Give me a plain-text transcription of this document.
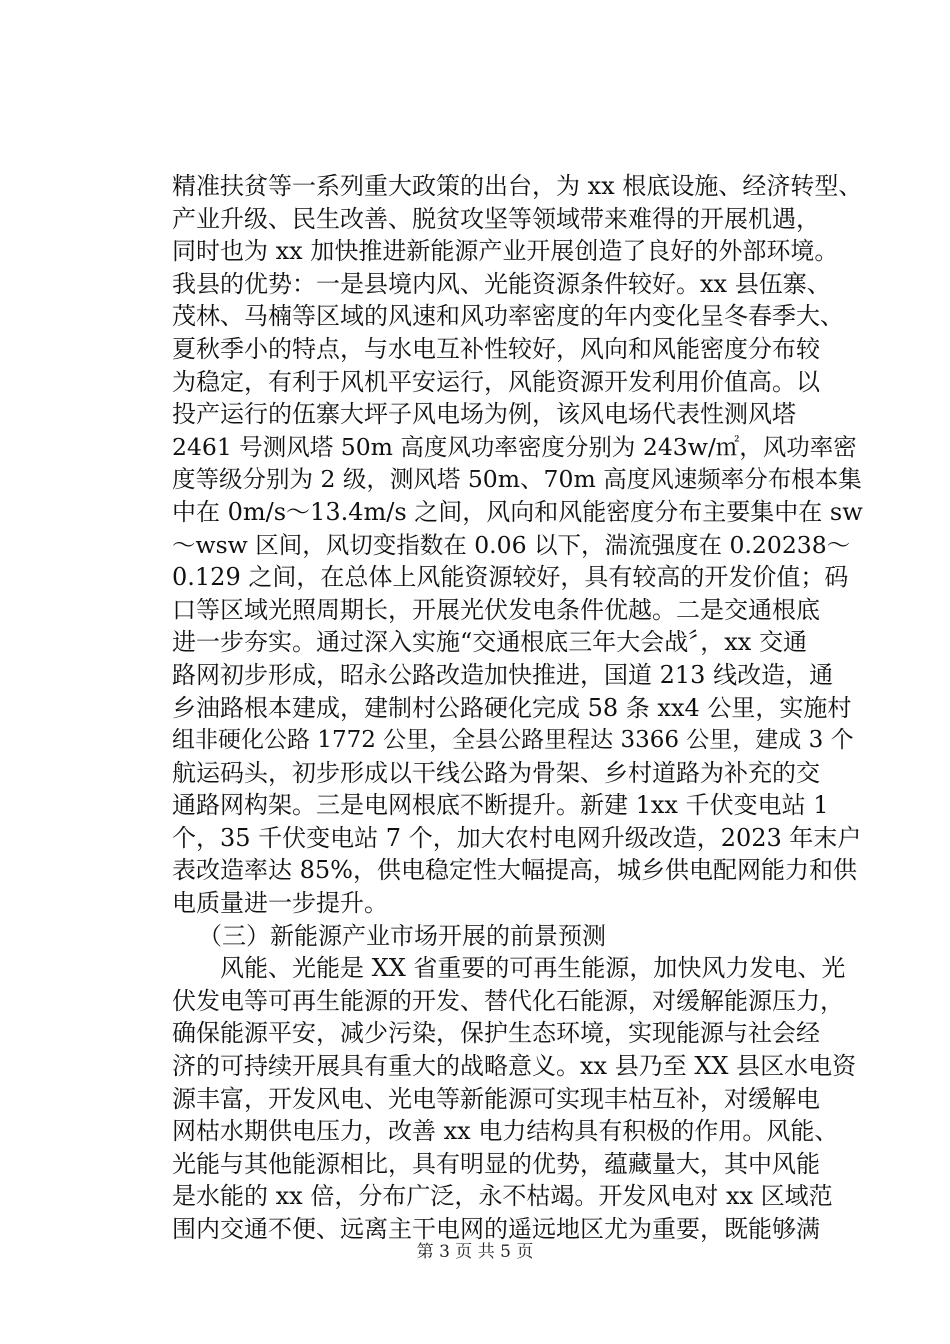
精准扶贫等一系列重大政策的出台，为 xx 根底设施、经济转型、
产业升级、民生改善、脱贫攻坚等领域带来难得的开展机遇，
同时也为 xx 加快推进新能源产业开展创造了良好的外部环境。
我县的优势：一是县境内风、光能资源条件较好。xx 县伍寨、
茂林、马楠等区域的风速和风功率密度的年内变化呈冬春季大、
夏秋季小的特点，与水电互补性较好，风向和风能密度分布较
为稳定，有利于风机平安运行，风能资源开发利用价值高。以
投产运行的伍寨大坪子风电场为例，该风电场代表性测风塔
2461 号测风塔 50m 高度风功率密度分别为 243w/㎡，风功率密
度等级分别为 2 级，测风塔 50m、70m 高度风速频率分布根本集
中在 0m/s～13.4m/s 之间，风向和风能密度分布主要集中在 sw
～wsw 区间，风切变指数在 0.06 以下，湍流强度在 0.20238～
0.129 之间，在总体上风能资源较好，具有较高的开发价值；码
口等区域光照周期长，开展光伏发电条件优越。二是交通根底
进一步夯实。通过深入实施“交通根底三年大会战〞，xx 交通
路网初步形成，昭永公路改造加快推进，国道 213 线改造，通
乡油路根本建成，建制村公路硬化完成 58 条 xx4 公里，实施村
组非硬化公路 1772 公里，全县公路里程达 3366 公里，建成 3 个
航运码头，初步形成以干线公路为骨架、乡村道路为补充的交
通路网构架。三是电网根底不断提升。新建 1xx 千伏变电站 1
个，35 千伏变电站 7 个，加大农村电网升级改造，2023 年末户
表改造率达 85%，供电稳定性大幅提高，城乡供电配网能力和供
电质量进一步提升。
（三）新能源产业市场开展的前景预测
风能、光能是 XX 省重要的可再生能源，加快风力发电、光
伏发电等可再生能源的开发、替代化石能源，对缓解能源压力，
确保能源平安，减少污染，保护生态环境，实现能源与社会经
济的可持续开展具有重大的战略意义。xx 县乃至 XX 县区水电资
源丰富，开发风电、光电等新能源可实现丰枯互补，对缓解电
网枯水期供电压力，改善 xx 电力结构具有积极的作用。风能、
光能与其他能源相比，具有明显的优势，蕴藏量大，其中风能
是水能的 xx 倍，分布广泛，永不枯竭。开发风电对 xx 区域范
围内交通不便、远离主干电网的遥远地区尤为重要，既能够满
第 3 页 共 5 页
